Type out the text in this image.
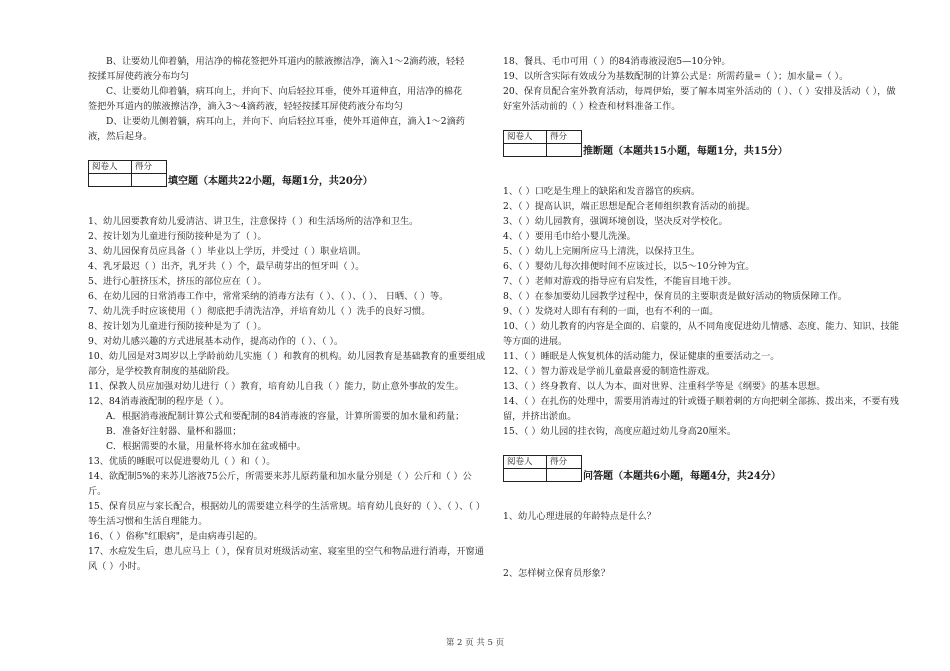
B、让要幼儿仰着躺，用洁净的棉花签把外耳道内的脓液擦洁净，滴入1～2滴药液，轻轻
按揉耳屏使药液分布均匀
C、让要幼儿仰着躺，病耳向上，并向下、向后轻拉耳垂，使外耳道伸直，用洁净的棉花
签把外耳道内的脓液擦洁净，滴入3～4滴药液，轻轻按揉耳屏使药液分布均匀
D、让要幼儿侧着躺，病耳向上，并向下、向后轻拉耳垂，使外耳道伸直，滴入1～2滴药
液，然后起身。
阅卷人	得分

填空题（本题共22小题，每题1分，共20分）
1、幼儿园要教育幼儿爱清洁、讲卫生，注意保持（ ）和生活场所的洁净和卫生。
2、按计划为儿童进行预防接种是为了（ ）。
3、幼儿园保育员应具备（ ）毕业以上学历，并受过（ ）职业培训。
4、乳牙最迟（ ）出齐，乳牙共（ ）个，最早萌芽出的恒牙叫（ ）。
5、进行心脏挤压术，挤压的部位应在（ ）。
6、在幼儿园的日常消毒工作中，常常采纳的消毒方法有（ ）、（ ）、（ ）、 日晒、（ ）等。
7、幼儿洗手时应该使用（ ）彻底把手清洗洁净，并培育幼儿（ ）洗手的良好习惯。
8、按计划为儿童进行预防接种是为了（ ）。
9、对幼儿感兴趣的方式进展基本动作，提高动作的（ ）、（ ）。
10、幼儿园是对3周岁以上学龄前幼儿实施（ ）和教育的机构。幼儿园教育是基础教育的重要组成部分，是学校教育制度的基础阶段。
11、保教人员应加强对幼儿进行（ ）教育，培育幼儿自我（ ）能力，防止意外事故的发生。
12、84消毒液配制的程序是（ ）。
A．根据消毒液配制计算公式和要配制的84消毒液的容量，计算所需要的加水量和药量；
B．准备好注射器、量杯和器皿；
C．根据需要的水量，用量杯将水加在盆或桶中。
13、优质的睡眠可以促进婴幼儿（ ）和（ ）。
14、欲配制5%的来苏儿溶液75公斤，所需要来苏儿原药量和加水量分别是（ ）公斤和（ ）公斤。
15、保育员应与家长配合，根据幼儿的需要建立科学的生活常规。培育幼儿良好的（ ）、（ ）、（ ）等生活习惯和生活自理能力。
16、（ ）俗称"红眼病"，是由病毒引起的。
17、水痘发生后，患儿应马上（ ），保育员对班级活动室、寝室里的空气和物品进行消毒，开窗通风（ ）小时。
18、餐具、毛巾可用（ ）的84消毒液浸泡5—10分钟。
19、以所含实际有效成分为基数配制的计算公式是：所需药量=（ ）；加水量=（ ）。
20、保育员配合室外教育活动，每周伊始，要了解本周室外活动的（ ）、（ ）安排及活动（ ），做好室外活动前的（ ）检查和材料准备工作。
阅卷人	得分

推断题（本题共15小题，每题1分，共15分）
1、（ ）口吃是生理上的缺陷和发音器官的疾病。
2、（ ）提高认识，端正思想是配合老师组织教育活动的前提。
3、（ ）幼儿园教育，强调环境创设，坚决反对学校化。
4、（ ）要用毛巾给小婴儿洗澡。
5、（ ）幼儿上完厕所应马上清洗，以保持卫生。
6、（ ）婴幼儿每次排便时间不应该过长，以5～10分钟为宜。
7、（ ）老师对游戏的指导应有启发性，不能盲目地干涉。
8、（ ）在参加要幼儿园教学过程中，保育员的主要职责是做好活动的物质保障工作。
9、（ ）发烧对人即有有利的一面，也有不利的一面。
10、（ ）幼儿教育的内容是全面的、启蒙的，从不同角度促进幼儿情感、态度、能力、知识、技能等方面的进展。
11、（ ）睡眠是人恢复机体的活动能力，保证健康的重要活动之一。
12、（ ）智力游戏是学前儿童最喜爱的制造性游戏。
13、（ ）终身教育、以人为本、面对世界、注重科学等是《纲要》的基本思想。
14、（ ）在扎伤的处理中，需要用消毒过的针或镊子顺着刺的方向把刺全部拣、拨出来，不要有残留，并挤出淤血。
15、（ ）幼儿园的挂衣钩，高度应超过幼儿身高20厘米。
阅卷人	得分

问答题（本题共6小题，每题4分，共24分）
1、幼儿心理进展的年龄特点是什么？
2、怎样树立保育员形象？
第 2 页 共 5 页
